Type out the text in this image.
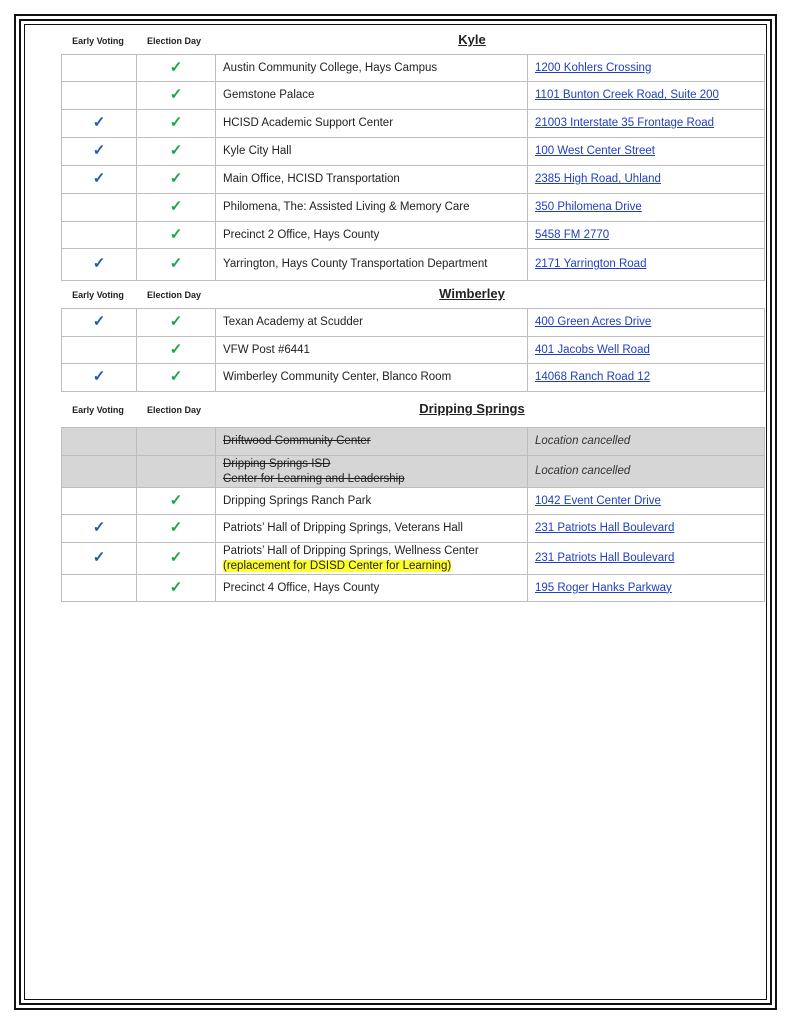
Early Voting	Election Day	Kyle
	✓	Austin Community College, Hays Campus	1200 Kohlers Crossing
	✓	Gemstone Palace	1101 Bunton Creek Road, Suite 200
✓	✓	HCISD Academic Support Center	21003 Interstate 35 Frontage Road
✓	✓	Kyle City Hall	100 West Center Street
✓	✓	Main Office, HCISD Transportation	2385 High Road, Uhland
	✓	Philomena, The: Assisted Living & Memory Care	350 Philomena Drive
	✓	Precinct 2 Office, Hays County	5458 FM 2770
✓	✓	Yarrington, Hays County Transportation Department	2171 Yarrington Road
Early Voting	Election Day	Wimberley
✓	✓	Texan Academy at Scudder	400 Green Acres Drive
	✓	VFW Post #6441	401 Jacobs Well Road
✓	✓	Wimberley Community Center, Blanco Room	14068 Ranch Road 12
Early Voting	Election Day	Dripping Springs

		Driftwood Community Center	Location cancelled

		Dripping Springs ISD
Center for Learning and Leadership	Location cancelled
	✓	Dripping Springs Ranch Park	1042 Event Center Drive
✓	✓	Patriots’ Hall of Dripping Springs, Veterans Hall	231 Patriots Hall Boulevard
✓	✓	Patriots’ Hall of Dripping Springs, Wellness Center
(replacement for DSISD Center for Learning)	231 Patriots Hall Boulevard
	✓	Precinct 4 Office, Hays County	195 Roger Hanks Parkway
